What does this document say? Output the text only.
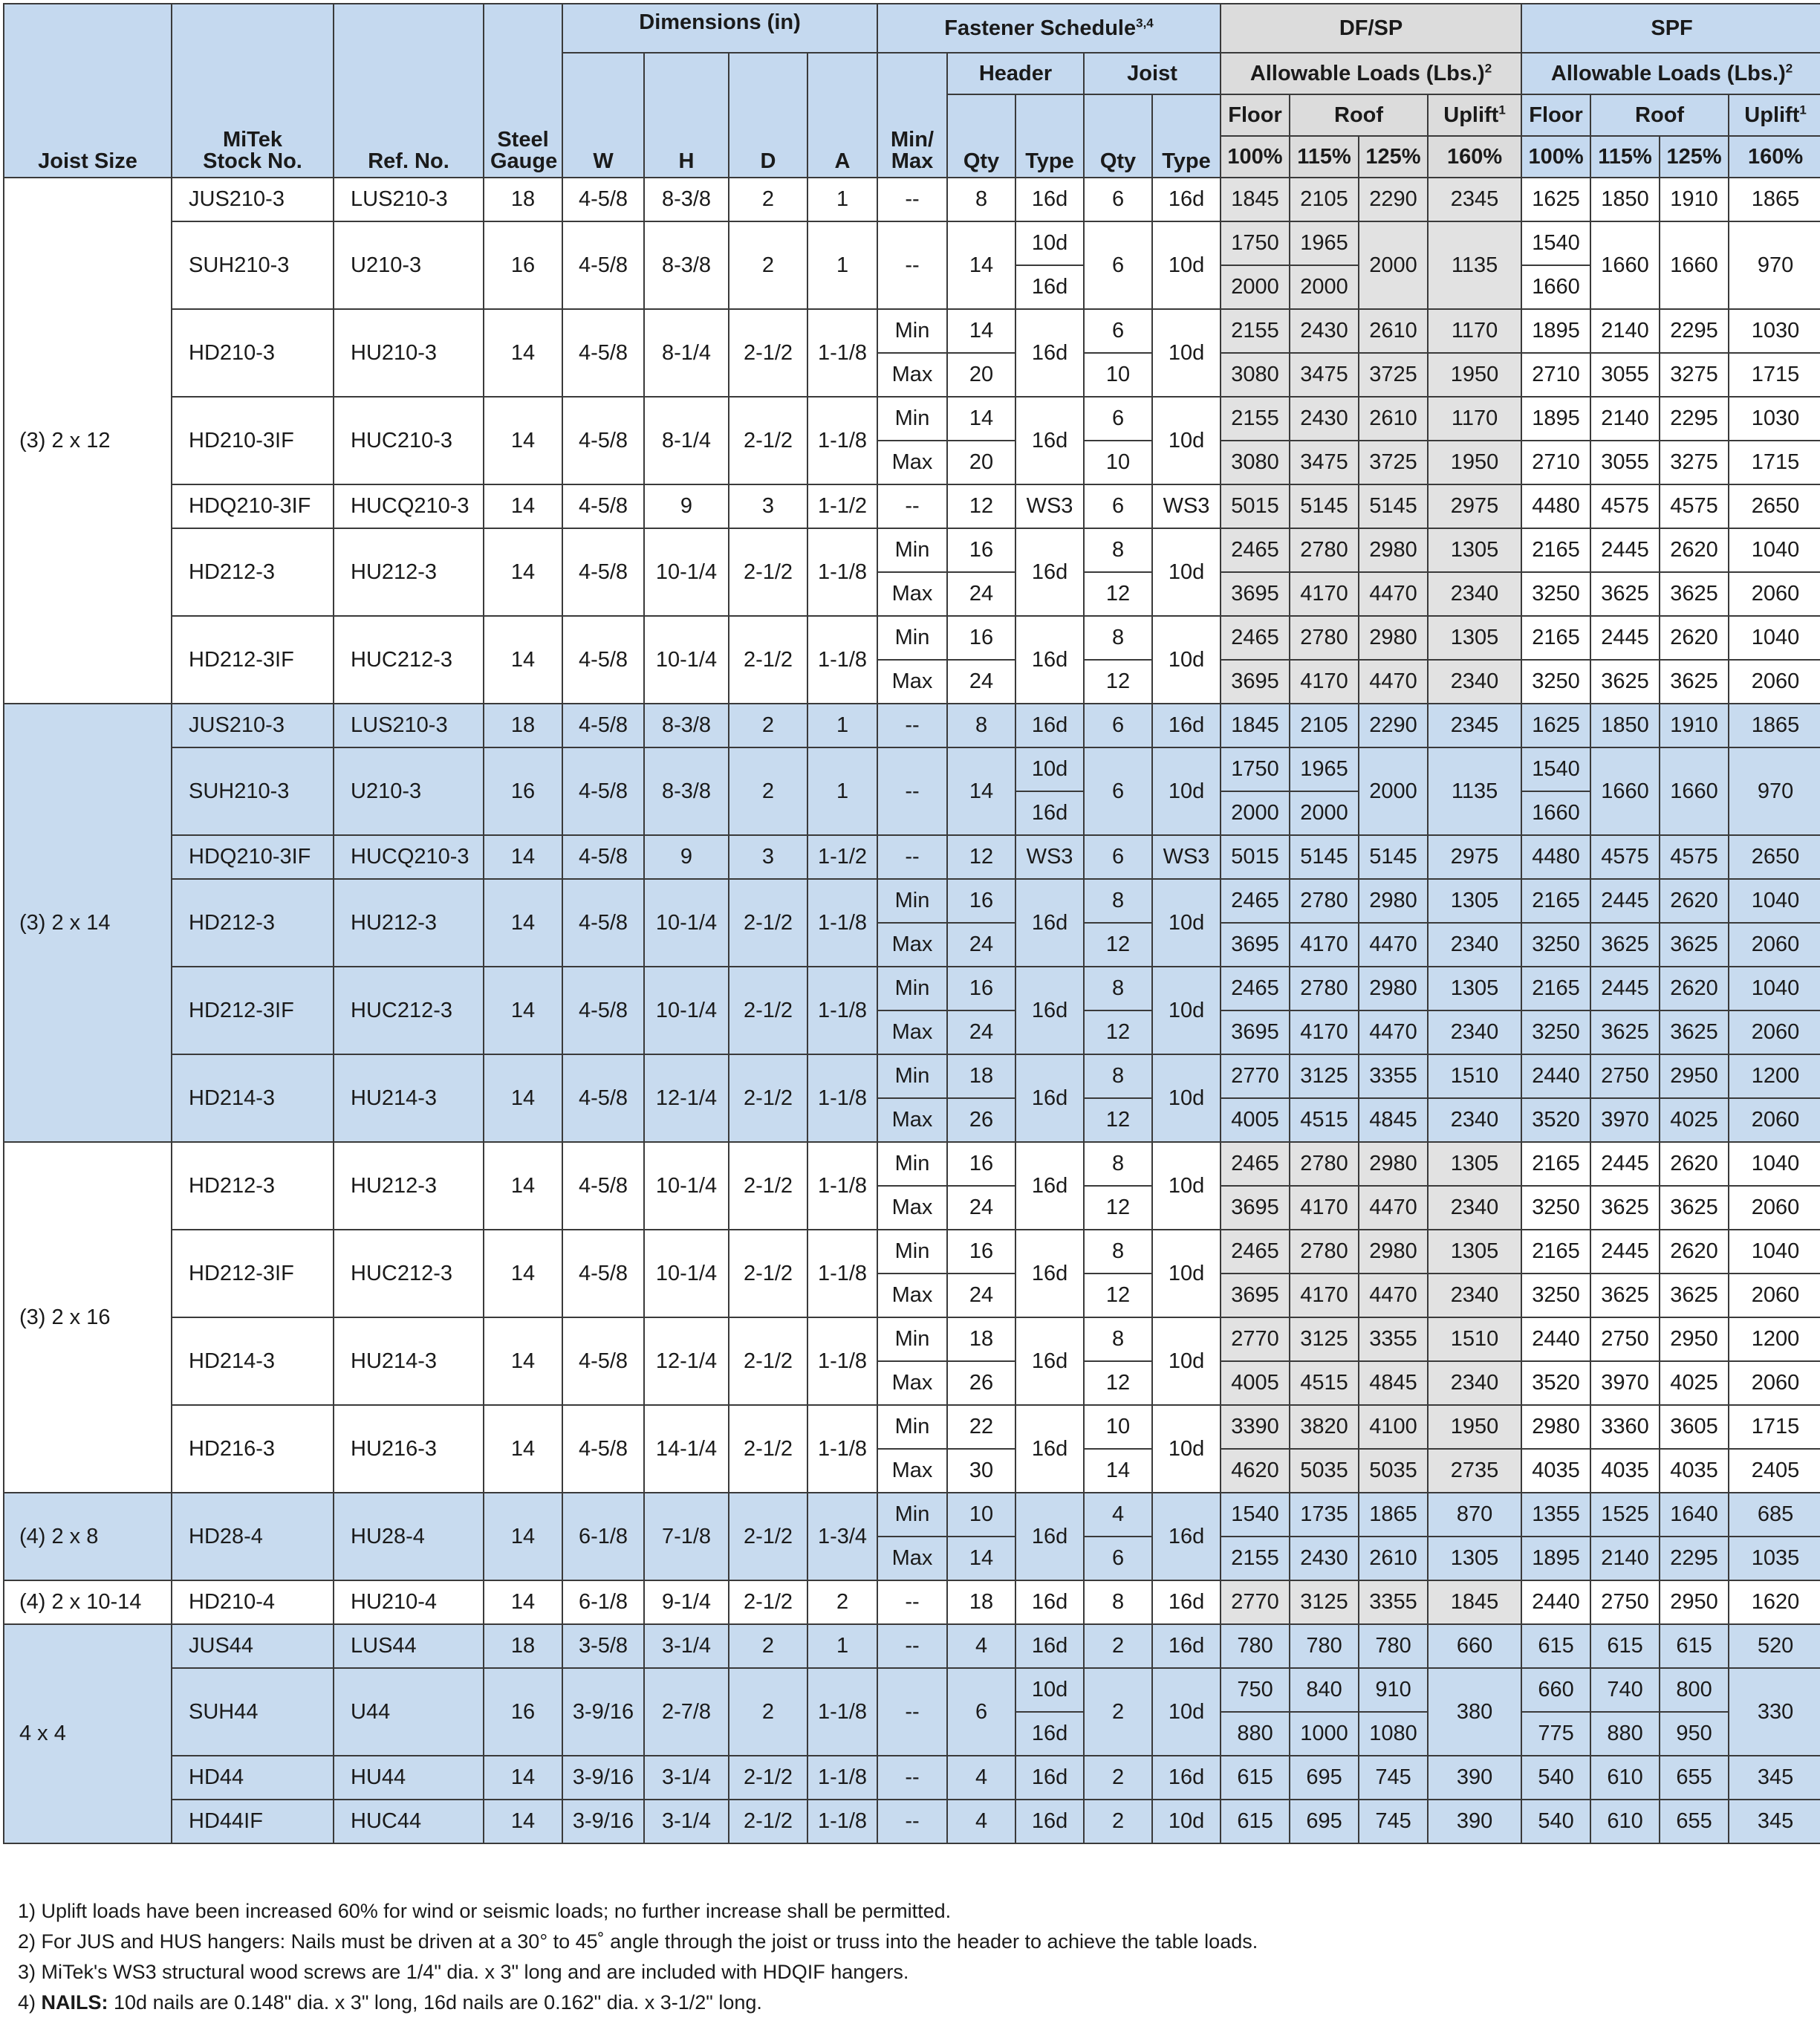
Joist Size	MiTek Stock No.	Ref. No.	Steel Gauge	Dimensions (in)				Fastener Schedule$^{3,4}$					DF/SP				SPF			
				W	H	D	A	Min/ Max	Header		Joist		Allowable Loads $(Lbs.)^2$				Allowable Loads $(Lbs.)^2$
									Qty	Type	Qty	Type	Floor	Roof		Uplift$^1$	Floor	Roof		Uplift$^1$
													100%	115%	125%	160%	100%	115%	125%	160%
(3) 2 x 12	JUS210-3	LUS210-3	18	4-5/8	8-3/8	2	1	--	8	16d	6	16d	1845	2105	2290	2345	1625	1850	1910	1865
	SUH210-3	U210-3	16	4-5/8	8-3/8	2	1	--	14	10d	6	10d	1750	1965	2000	1135	1540	1660	1660	970
										16d			2000	2000			1660			
	HD210-3	HU210-3	14	4-5/8	8-1/4	2-1/2	1-1/8	Min	14	16d	6	10d	2155	2430	2610	1170	1895	2140	2295	1030
								Max	20		10		3080	3475	3725	1950	2710	3055	3275	1715
	HD210-3IF	HUC210-3	14	4-5/8	8-1/4	2-1/2	1-1/8	Min	14	16d	6	10d	2155	2430	2610	1170	1895	2140	2295	1030
								Max	20		10		3080	3475	3725	1950	2710	3055	3275	1715
	HDQ210-3IF	HUCQ210-3	14	4-5/8	9	3	1-1/2	--	12	WS3	6	WS3	5015	5145	5145	2975	4480	4575	4575	2650
	HD212-3	HU212-3	14	4-5/8	10-1/4	2-1/2	1-1/8	Min	16	16d	8	10d	2465	2780	2980	1305	2165	2445	2620	1040
								Max	24		12		3695	4170	4470	2340	3250	3625	3625	2060
	HD212-3IF	HUC212-3	14	4-5/8	10-1/4	2-1/2	1-1/8	Min	16	16d	8	10d	2465	2780	2980	1305	2165	2445	2620	1040
								Max	24		12		3695	4170	4470	2340	3250	3625	3625	2060
(3) 2 x 14	JUS210-3	LUS210-3	18	4-5/8	8-3/8	2	1	--	8	16d	6	16d	1845	2105	2290	2345	1625	1850	1910	1865
	SUH210-3	U210-3	16	4-5/8	8-3/8	2	1	--	14	10d	6	10d	1750	1965	2000	1135	1540	1660	1660	970
										16d			2000	2000			1660			
	HDQ210-3IF	HUCQ210-3	14	4-5/8	9	3	1-1/2	--	12	WS3	6	WS3	5015	5145	5145	2975	4480	4575	4575	2650
	HD212-3	HU212-3	14	4-5/8	10-1/4	2-1/2	1-1/8	Min	16	16d	8	10d	2465	2780	2980	1305	2165	2445	2620	1040
								Max	24		12		3695	4170	4470	2340	3250	3625	3625	2060
	HD212-3IF	HUC212-3	14	4-5/8	10-1/4	2-1/2	1-1/8	Min	16	16d	8	10d	2465	2780	2980	1305	2165	2445	2620	1040
								Max	24		12		3695	4170	4470	2340	3250	3625	3625	2060
	HD214-3	HU214-3	14	4-5/8	12-1/4	2-1/2	1-1/8	Min	18	16d	8	10d	2770	3125	3355	1510	2440	2750	2950	1200
								Max	26		12		4005	4515	4845	2340	3520	3970	4025	2060
(3) 2 x 16	HD212-3	HU212-3	14	4-5/8	10-1/4	2-1/2	1-1/8	Min	16	16d	8	10d	2465	2780	2980	1305	2165	2445	2620	1040
								Max	24		12		3695	4170	4470	2340	3250	3625	3625	2060
	HD212-3IF	HUC212-3	14	4-5/8	10-1/4	2-1/2	1-1/8	Min	16	16d	8	10d	2465	2780	2980	1305	2165	2445	2620	1040
								Max	24		12		3695	4170	4470	2340	3250	3625	3625	2060
	HD214-3	HU214-3	14	4-5/8	12-1/4	2-1/2	1-1/8	Min	18	16d	8	10d	2770	3125	3355	1510	2440	2750	2950	1200
								Max	26		12		4005	4515	4845	2340	3520	3970	4025	2060
	HD216-3	HU216-3	14	4-5/8	14-1/4	2-1/2	1-1/8	Min	22	16d	10	10d	3390	3820	4100	1950	2980	3360	3605	1715
								Max	30		14		4620	5035	5035	2735	4035	4035	4035	2405
(4) 2 x 8	HD28-4	HU28-4	14	6-1/8	7-1/8	2-1/2	1-3/4	Min	10	16d	4	16d	1540	1735	1865	870	1355	1525	1640	685
								Max	14		6		2155	2430	2610	1305	1895	2140	2295	1035
(4) 2 x 10-14	HD210-4	HU210-4	14	6-1/8	9-1/4	2-1/2	2	--	18	16d	8	16d	2770	3125	3355	1845	2440	2750	2950	1620
4 x 4	JUS44	LUS44	18	3-5/8	3-1/4	2	1	--	4	16d	2	16d	780	780	780	660	615	615	615	520
	SUH44	U44	16	3-9/16	2-7/8	2	1-1/8	--	6	10d	2	10d	750	840	910	380	660	740	800	330
										16d			880	1000	1080		775	880	950	
	HD44	HU44	14	3-9/16	3-1/4	2-1/2	1-1/8	--	4	16d	2	16d	615	695	745	390	540	610	655	345
	HD44IF	HUC44	14	3-9/16	3-1/4	2-1/2	1-1/8	--	4	16d	2	10d	615	695	745	390	540	610	655	345
1) Uplift loads have been increased 60% for wind or seismic loads; no further increase shall be permitted.
2) For JUS and HUS hangers: Nails must be driven at a 30° to 45˚ angle through the joist or truss into the header to achieve the table loads.
3) MiTek's WS3 structural wood screws are 1/4" dia. x 3" long and are included with HDQIF hangers.
4) NAILS: 10d nails are 0.148" dia. x 3" long, 16d nails are 0.162" dia. x 3-1/2" long.
